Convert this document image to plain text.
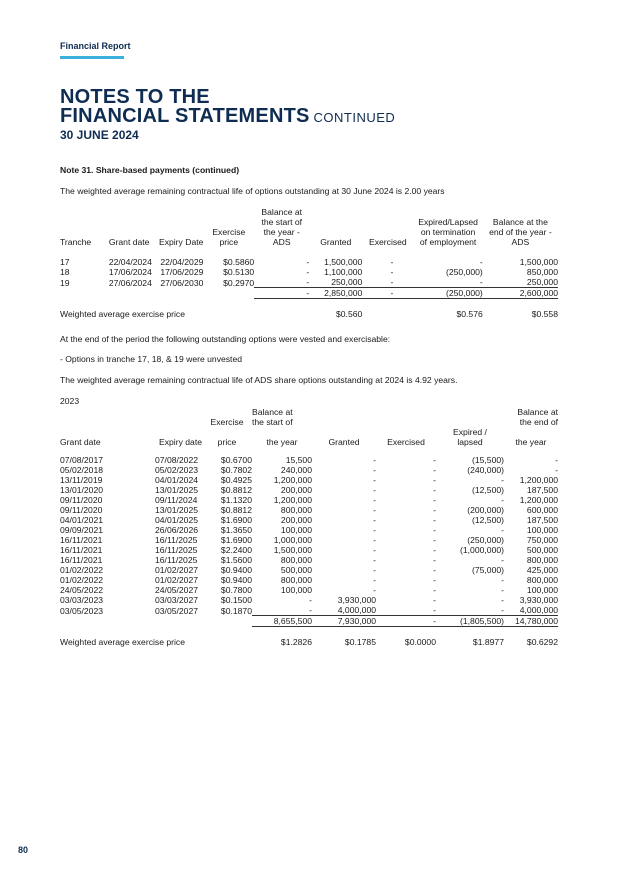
Financial Report
NOTES TO THE
FINANCIAL STATEMENTS CONTINUED
30 JUNE 2024
Note 31. Share-based payments (continued)
The weighted average remaining contractual life of options outstanding at 30 June 2024 is 2.00 years
				Balance at				
				the start of			Expired/Lapsed	Balance at the
			Exercise	the year -			on termination	end of the year -
Tranche	Grant date	Expiry Date	price	ADS	Granted	Exercised	of employment	ADS

17	22/04/2024	22/04/2029	$0.5860	-	1,500,000	-	-	1,500,000
18	17/06/2024	17/06/2029	$0.5130	-	1,100,000	-	(250,000)	850,000
19	27/06/2024	27/06/2030	$0.2970	-	250,000	-	-	250,000
				-	2,850,000	-	(250,000)	2,600,000

Weighted average exercise price					$0.560		$0.576	$0.558
At the end of the period the following outstanding options were vested and exercisable:
- Options in tranche 17, 18, & 19 were unvested
The weighted average remaining contractual life of ADS share options outstanding at 2024 is 4.92 years.
2023
			Balance at				Balance at
		Exercise	the start of				the end of
						Expired /	
Grant date	Expiry date	price	the year	Granted	Exercised	lapsed	the year

07/08/2017	07/08/2022	$0.6700	15,500	-	-	(15,500)	-
05/02/2018	05/02/2023	$0.7802	240,000	-	-	(240,000)	-
13/11/2019	04/01/2024	$0.4925	1,200,000	-	-	-	1,200,000
13/01/2020	13/01/2025	$0.8812	200,000	-	-	(12,500)	187,500
09/11/2020	09/11/2024	$1.1320	1,200,000	-	-	-	1,200,000
09/11/2020	13/01/2025	$0.8812	800,000	-	-	(200,000)	600,000
04/01/2021	04/01/2025	$1.6900	200,000	-	-	(12,500)	187,500
09/09/2021	26/06/2026	$1.3650	100,000	-	-	-	100,000
16/11/2021	16/11/2025	$1.6900	1,000,000	-	-	(250,000)	750,000
16/11/2021	16/11/2025	$2.2400	1,500,000	-	-	(1,000,000)	500,000
16/11/2021	16/11/2025	$1.5600	800,000	-	-	-	800,000
01/02/2022	01/02/2027	$0.9400	500,000	-	-	(75,000)	425,000
01/02/2022	01/02/2027	$0.9400	800,000	-	-	-	800,000
24/05/2022	24/05/2027	$0.7800	100,000	-	-	-	100,000
03/03/2023	03/03/2027	$0.1500	-	3,930,000	-	-	3,930,000
03/05/2023	03/05/2027	$0.1870	-	4,000,000	-	-	4,000,000
			8,655,500	7,930,000	-	(1,805,500)	14,780,000

Weighted average exercise price			$1.2826	$0.1785	$0.0000	$1.8977	$0.6292
80
